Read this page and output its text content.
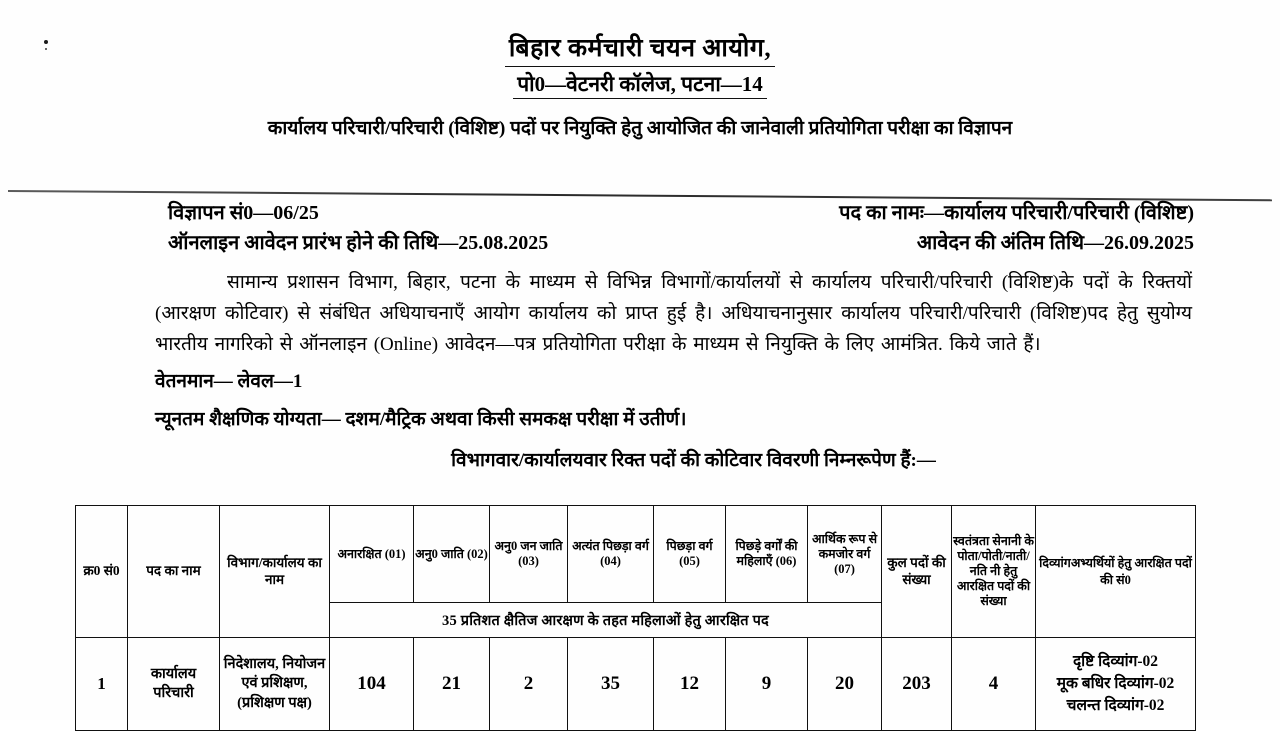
बिहार कर्मचारी चयन आयोग,
पो0—वेटनरी कॉलेज, पटना—14
कार्यालय परिचारी/परिचारी (विशिष्ट) पदों पर नियुक्ति हेतु आयोजित की जानेवाली प्रतियोगिता परीक्षा का विज्ञापन
विज्ञापन सं0—06/25	पद का नामः—कार्यालय परिचारी/परिचारी (विशिष्ट)
ऑनलाइन आवेदन प्रारंभ होने की तिथि—25.08.2025	आवेदन की अंतिम तिथि—26.09.2025

सामान्य प्रशासन विभाग, बिहार, पटना के माध्यम से विभिन्न विभागों/कार्यालयों से कार्यालय परिचारी/परिचारी (विशिष्ट)के पदों के रिक्तयों (आरक्षण कोटिवार) से संबंधित अधियाचनाएँ आयोग कार्यालय को प्राप्त हुई है। अधियाचनानुसार कार्यालय परिचारी/परिचारी (विशिष्ट)पद हेतु सुयोग्य भारतीय नागरिको से ऑनलाइन (Online) आवेदन—पत्र प्रतियोगिता परीक्षा के माध्यम से नियुक्ति के लिए आमंत्रित. किये जाते हैं।

वेतनमान— लेवल—1
न्यूनतम शैक्षणिक योग्यता— दशम/मैट्रिक अथवा किसी समकक्ष परीक्षा में उतीर्ण।
विभागवार/कार्यालयवार रिक्त पदों की कोटिवार विवरणी निम्नरूपेण हैं:—
क्र0 सं0	पद का नाम	विभाग/कार्यालय का नाम	अनारक्षित (01)	अनु0 जाति (02)	अनु0 जन जाति (03)	अत्यंत पिछड़ा वर्ग (04)	पिछड़ा वर्ग (05)	पिछड़े वर्गों की महिलाएँ (06)	आर्थिक रूप से कमजोर वर्ग (07)	कुल पदों की संख्या	स्वतंत्रता सेनानी के पोता/पोती/नाती/नति नी हेतु आरक्षित पदों की संख्या	दिव्यांगअभ्यर्थियों हेतु आरक्षित पदों की सं0
			35 प्रतिशत क्षैतिज आरक्षण के तहत महिलाओं हेतु आरक्षित पद									
1	कार्यालय परिचारी	निदेशालय, नियोजन एवं प्रशिक्षण, (प्रशिक्षण पक्ष)	104	21	2	35	12	9	20	203	4	दृष्टि दिव्यांग-02
मूक बधिर दिव्यांग-02
चलन्त दिव्यांग-02
